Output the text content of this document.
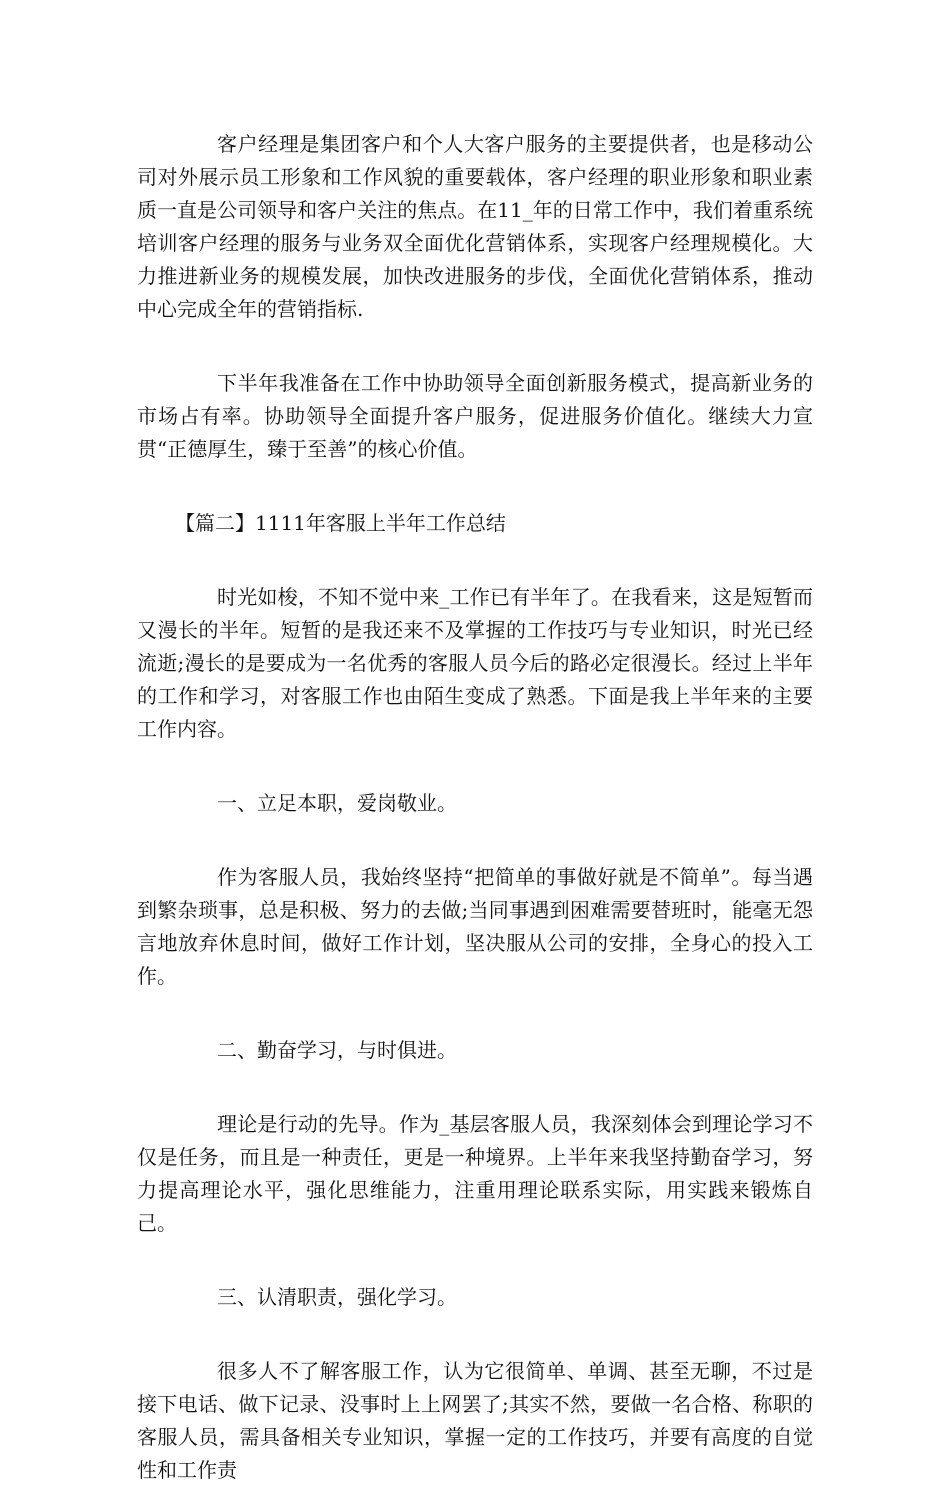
客户经理是集团客户和个人大客户服务的主要提供者，也是移动公司对外展示员工形象和工作风貌的重要载体，客户经理的职业形象和职业素质一直是公司领导和客户关注的焦点。在11_年的日常工作中，我们着重系统培训客户经理的服务与业务双全面优化营销体系，实现客户经理规模化。大力推进新业务的规模发展，加快改进服务的步伐，全面优化营销体系，推动中心完成全年的营销指标.

下半年我准备在工作中协助领导全面创新服务模式，提高新业务的市场占有率。协助领导全面提升客户服务，促进服务价值化。继续大力宣贯“正德厚生，臻于至善”的核心价值。

【篇二】1111年客服上半年工作总结

时光如梭，不知不觉中来_工作已有半年了。在我看来，这是短暂而又漫长的半年。短暂的是我还来不及掌握的工作技巧与专业知识，时光已经流逝;漫长的是要成为一名优秀的客服人员今后的路必定很漫长。经过上半年的工作和学习，对客服工作也由陌生变成了熟悉。下面是我上半年来的主要工作内容。

一、立足本职，爱岗敬业。

作为客服人员，我始终坚持“把简单的事做好就是不简单”。每当遇到繁杂琐事，总是积极、努力的去做;当同事遇到困难需要替班时，能毫无怨言地放弃休息时间，做好工作计划，坚决服从公司的安排，全身心的投入工作。

二、勤奋学习，与时俱进。

理论是行动的先导。作为_基层客服人员，我深刻体会到理论学习不仅是任务，而且是一种责任，更是一种境界。上半年来我坚持勤奋学习，努力提高理论水平，强化思维能力，注重用理论联系实际，用实践来锻炼自己。

三、认清职责，强化学习。

很多人不了解客服工作，认为它很简单、单调、甚至无聊，不过是接下电话、做下记录、没事时上上网罢了;其实不然，要做一名合格、称职的客服人员，需具备相关专业知识，掌握一定的工作技巧，并要有高度的自觉性和工作责
